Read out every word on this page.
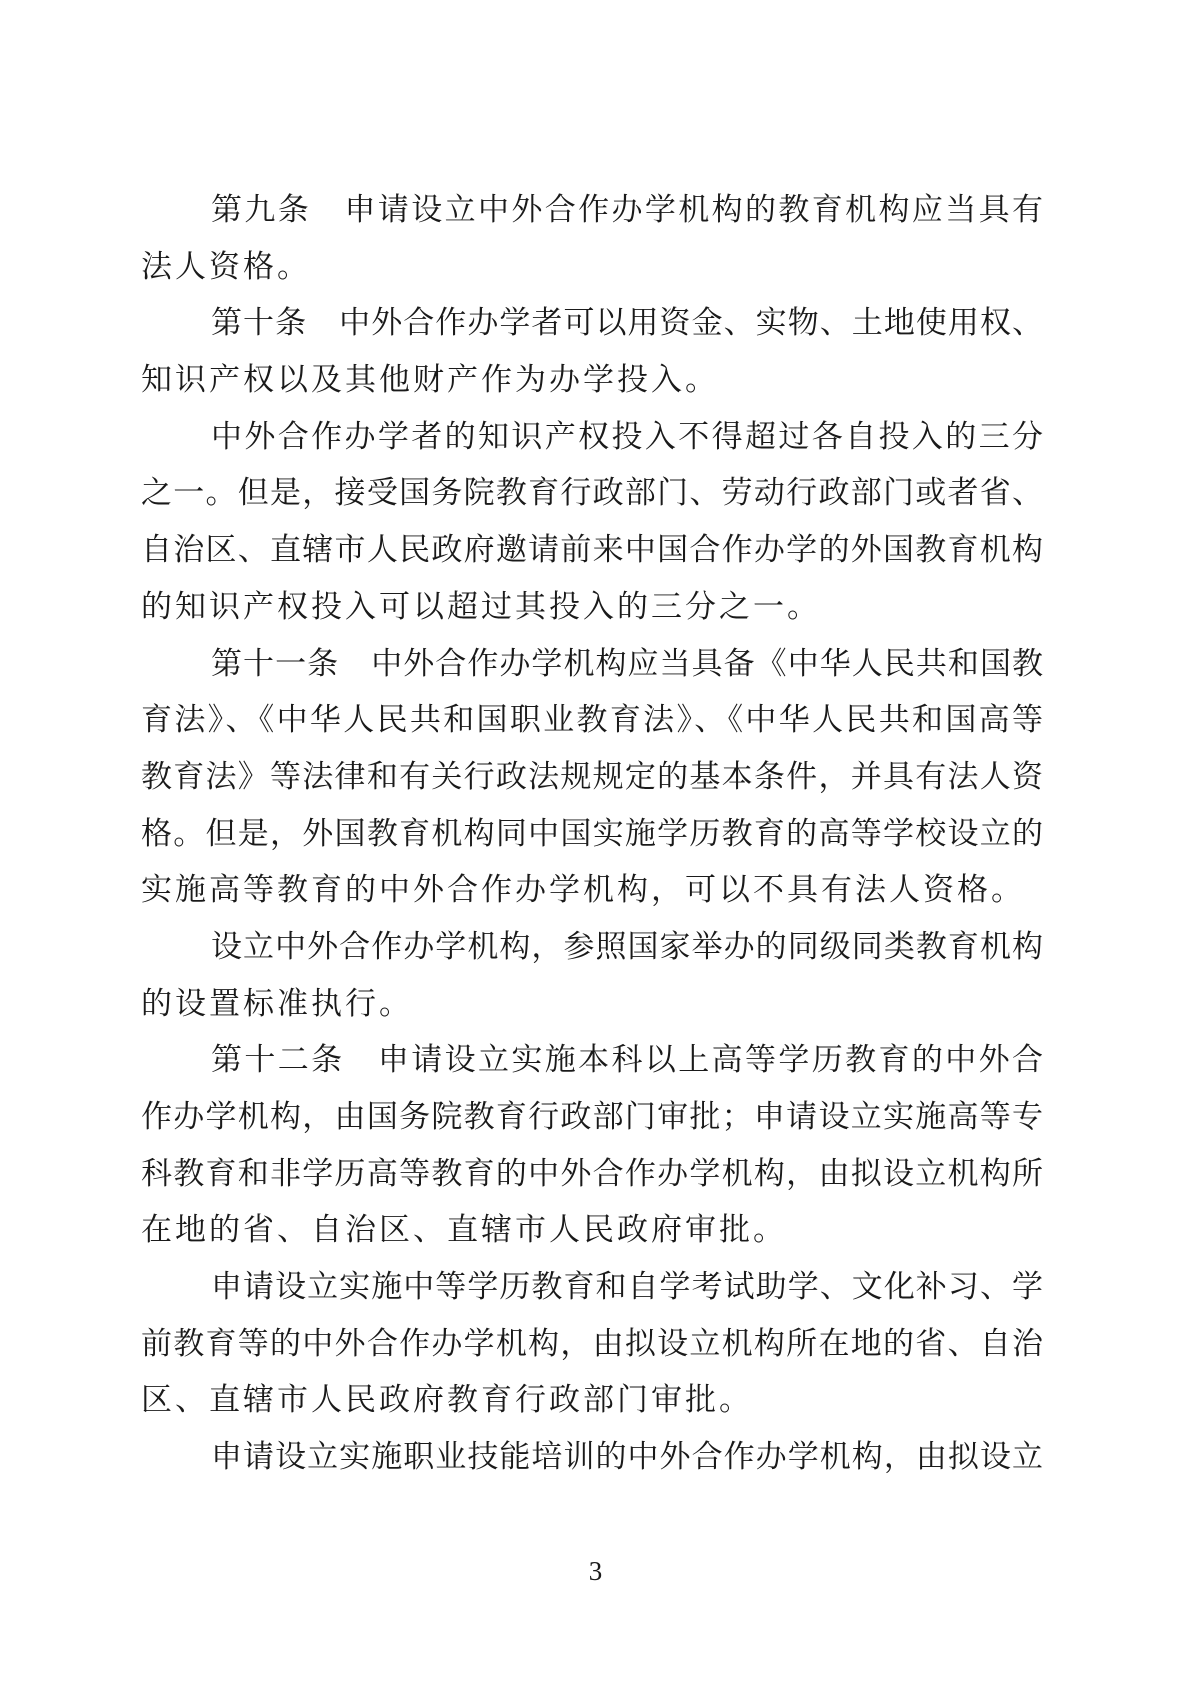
第九条　申请设立中外合作办学机构的教育机构应当具有
法人资格。
第十条　中外合作办学者可以用资金、实物、土地使用权、
知识产权以及其他财产作为办学投入。
中外合作办学者的知识产权投入不得超过各自投入的三分
之一。但是，接受国务院教育行政部门、劳动行政部门或者省、
自治区、直辖市人民政府邀请前来中国合作办学的外国教育机构
的知识产权投入可以超过其投入的三分之一。
第十一条　中外合作办学机构应当具备《中华人民共和国教
育法》、《中华人民共和国职业教育法》、《中华人民共和国高等
教育法》等法律和有关行政法规规定的基本条件，并具有法人资
格。但是，外国教育机构同中国实施学历教育的高等学校设立的
实施高等教育的中外合作办学机构，可以不具有法人资格。
设立中外合作办学机构，参照国家举办的同级同类教育机构
的设置标准执行。
第十二条　申请设立实施本科以上高等学历教育的中外合
作办学机构，由国务院教育行政部门审批；申请设立实施高等专
科教育和非学历高等教育的中外合作办学机构，由拟设立机构所
在地的省、自治区、直辖市人民政府审批。
申请设立实施中等学历教育和自学考试助学、文化补习、学
前教育等的中外合作办学机构，由拟设立机构所在地的省、自治
区、直辖市人民政府教育行政部门审批。
申请设立实施职业技能培训的中外合作办学机构，由拟设立
3
